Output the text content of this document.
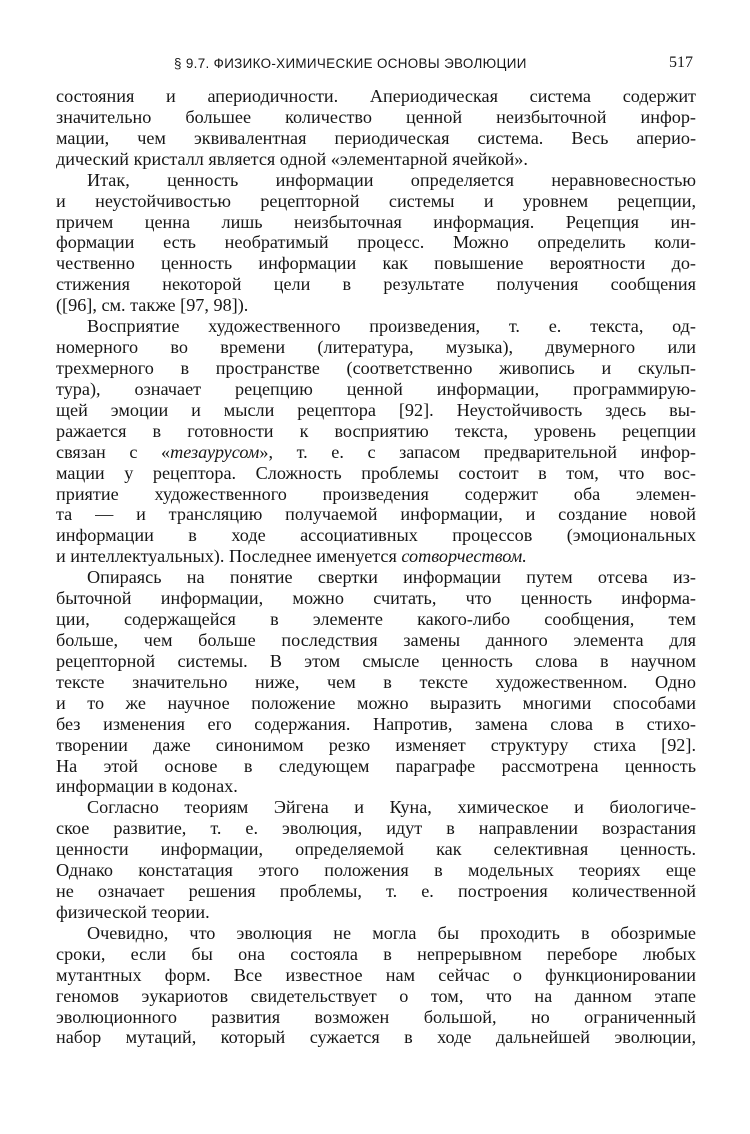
§ 9.7. ФИЗИКО-ХИМИЧЕСКИЕ ОСНОВЫ ЭВОЛЮЦИИ	517
состояния и апериодичности. Апериодическая система содержит
значительно большее количество ценной неизбыточной инфор-
мации, чем эквивалентная периодическая система. Весь аперио-
дический кристалл является одной «элементарной ячейкой».
Итак, ценность информации определяется неравновесностью
и неустойчивостью рецепторной системы и уровнем рецепции,
причем ценна лишь неизбыточная информация. Рецепция ин-
формации есть необратимый процесс. Можно определить коли-
чественно ценность информации как повышение вероятности до-
стижения некоторой цели в результате получения сообщения
([96], см. также [97, 98]).
Восприятие художественного произведения, т. е. текста, од-
номерного во времени (литература, музыка), двумерного или
трехмерного в пространстве (соответственно живопись и скульп-
тура), означает рецепцию ценной информации, программирую-
щей эмоции и мысли рецептора [92]. Неустойчивость здесь вы-
ражается в готовности к восприятию текста, уровень рецепции
связан с «тезаурусом», т. е. с запасом предварительной инфор-
мации у рецептора. Сложность проблемы состоит в том, что вос-
приятие художественного произведения содержит оба элемен-
та — и трансляцию получаемой информации, и создание новой
информации в ходе ассоциативных процессов (эмоциональных
и интеллектуальных). Последнее именуется сотворчеством.
Опираясь на понятие свертки информации путем отсева из-
быточной информации, можно считать, что ценность информа-
ции, содержащейся в элементе какого-либо сообщения, тем
больше, чем больше последствия замены данного элемента для
рецепторной системы. В этом смысле ценность слова в научном
тексте значительно ниже, чем в тексте художественном. Одно
и то же научное положение можно выразить многими способами
без изменения его содержания. Напротив, замена слова в стихо-
творении даже синонимом резко изменяет структуру стиха [92].
На этой основе в следующем параграфе рассмотрена ценность
информации в кодонах.
Согласно теориям Эйгена и Куна, химическое и биологиче-
ское развитие, т. е. эволюция, идут в направлении возрастания
ценности информации, определяемой как селективная ценность.
Однако констатация этого положения в модельных теориях еще
не означает решения проблемы, т. е. построения количественной
физической теории.
Очевидно, что эволюция не могла бы проходить в обозримые
сроки, если бы она состояла в непрерывном переборе любых
мутантных форм. Все известное нам сейчас о функционировании
геномов эукариотов свидетельствует о том, что на данном этапе
эволюционного развития возможен большой, но ограниченный
набор мутаций, который сужается в ходе дальнейшей эволюции,
